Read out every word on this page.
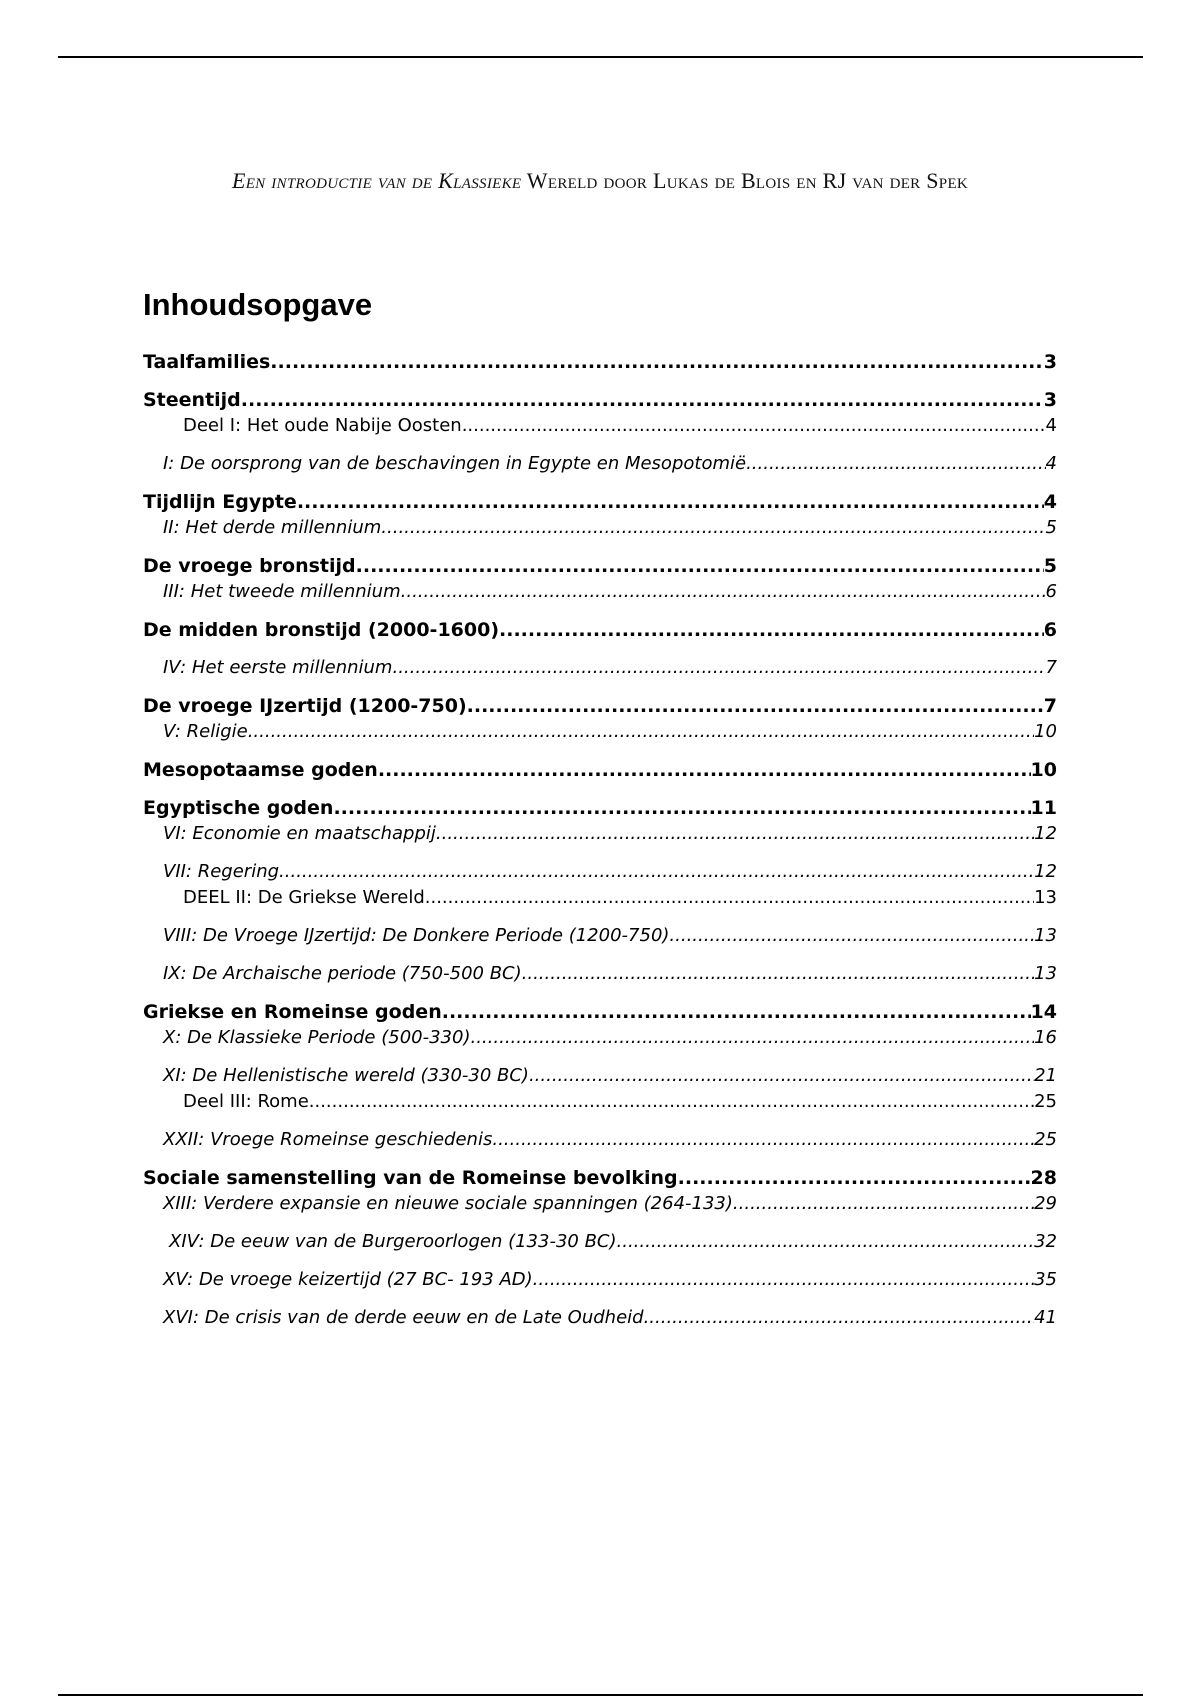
Een introductie van de Klassieke Wereld door Lukas de Blois en RJ van der Spek
Inhoudsopgave
Taalfamilies .....	3
Steentijd .....	3
Deel I: Het oude Nabije Oosten .....	4
I: De oorsprong van de beschavingen in Egypte en Mesopotomië .....	4
Tijdlijn Egypte .....	4
II: Het derde millennium .....	5
De vroege bronstijd .....	5
III: Het tweede millennium .....	6
De midden bronstijd (2000-1600) .....	6
IV: Het eerste millennium .....	7
De vroege IJzertijd (1200-750) .....	7
V: Religie .....	10
Mesopotaamse goden .....	10
Egyptische goden .....	11
VI: Economie en maatschappij .....	12
VII: Regering .....	12
DEEL II: De Griekse Wereld .....	13
VIII: De Vroege IJzertijd: De Donkere Periode (1200-750) .....	13
IX: De Archaische periode (750-500 BC) .....	13
Griekse en Romeinse goden .....	14
X: De Klassieke Periode (500-330) .....	16
XI: De Hellenistische wereld (330-30 BC) .....	21
Deel III: Rome .....	25
XXII: Vroege Romeinse geschiedenis .....	25
Sociale samenstelling van de Romeinse bevolking .....	28
XIII: Verdere expansie en nieuwe sociale spanningen (264-133) .....	29
XIV: De eeuw van de Burgeroorlogen (133-30 BC) .....	32
XV: De vroege keizertijd (27 BC- 193 AD) .....	35
XVI: De crisis van de derde eeuw en de Late Oudheid .....	41
